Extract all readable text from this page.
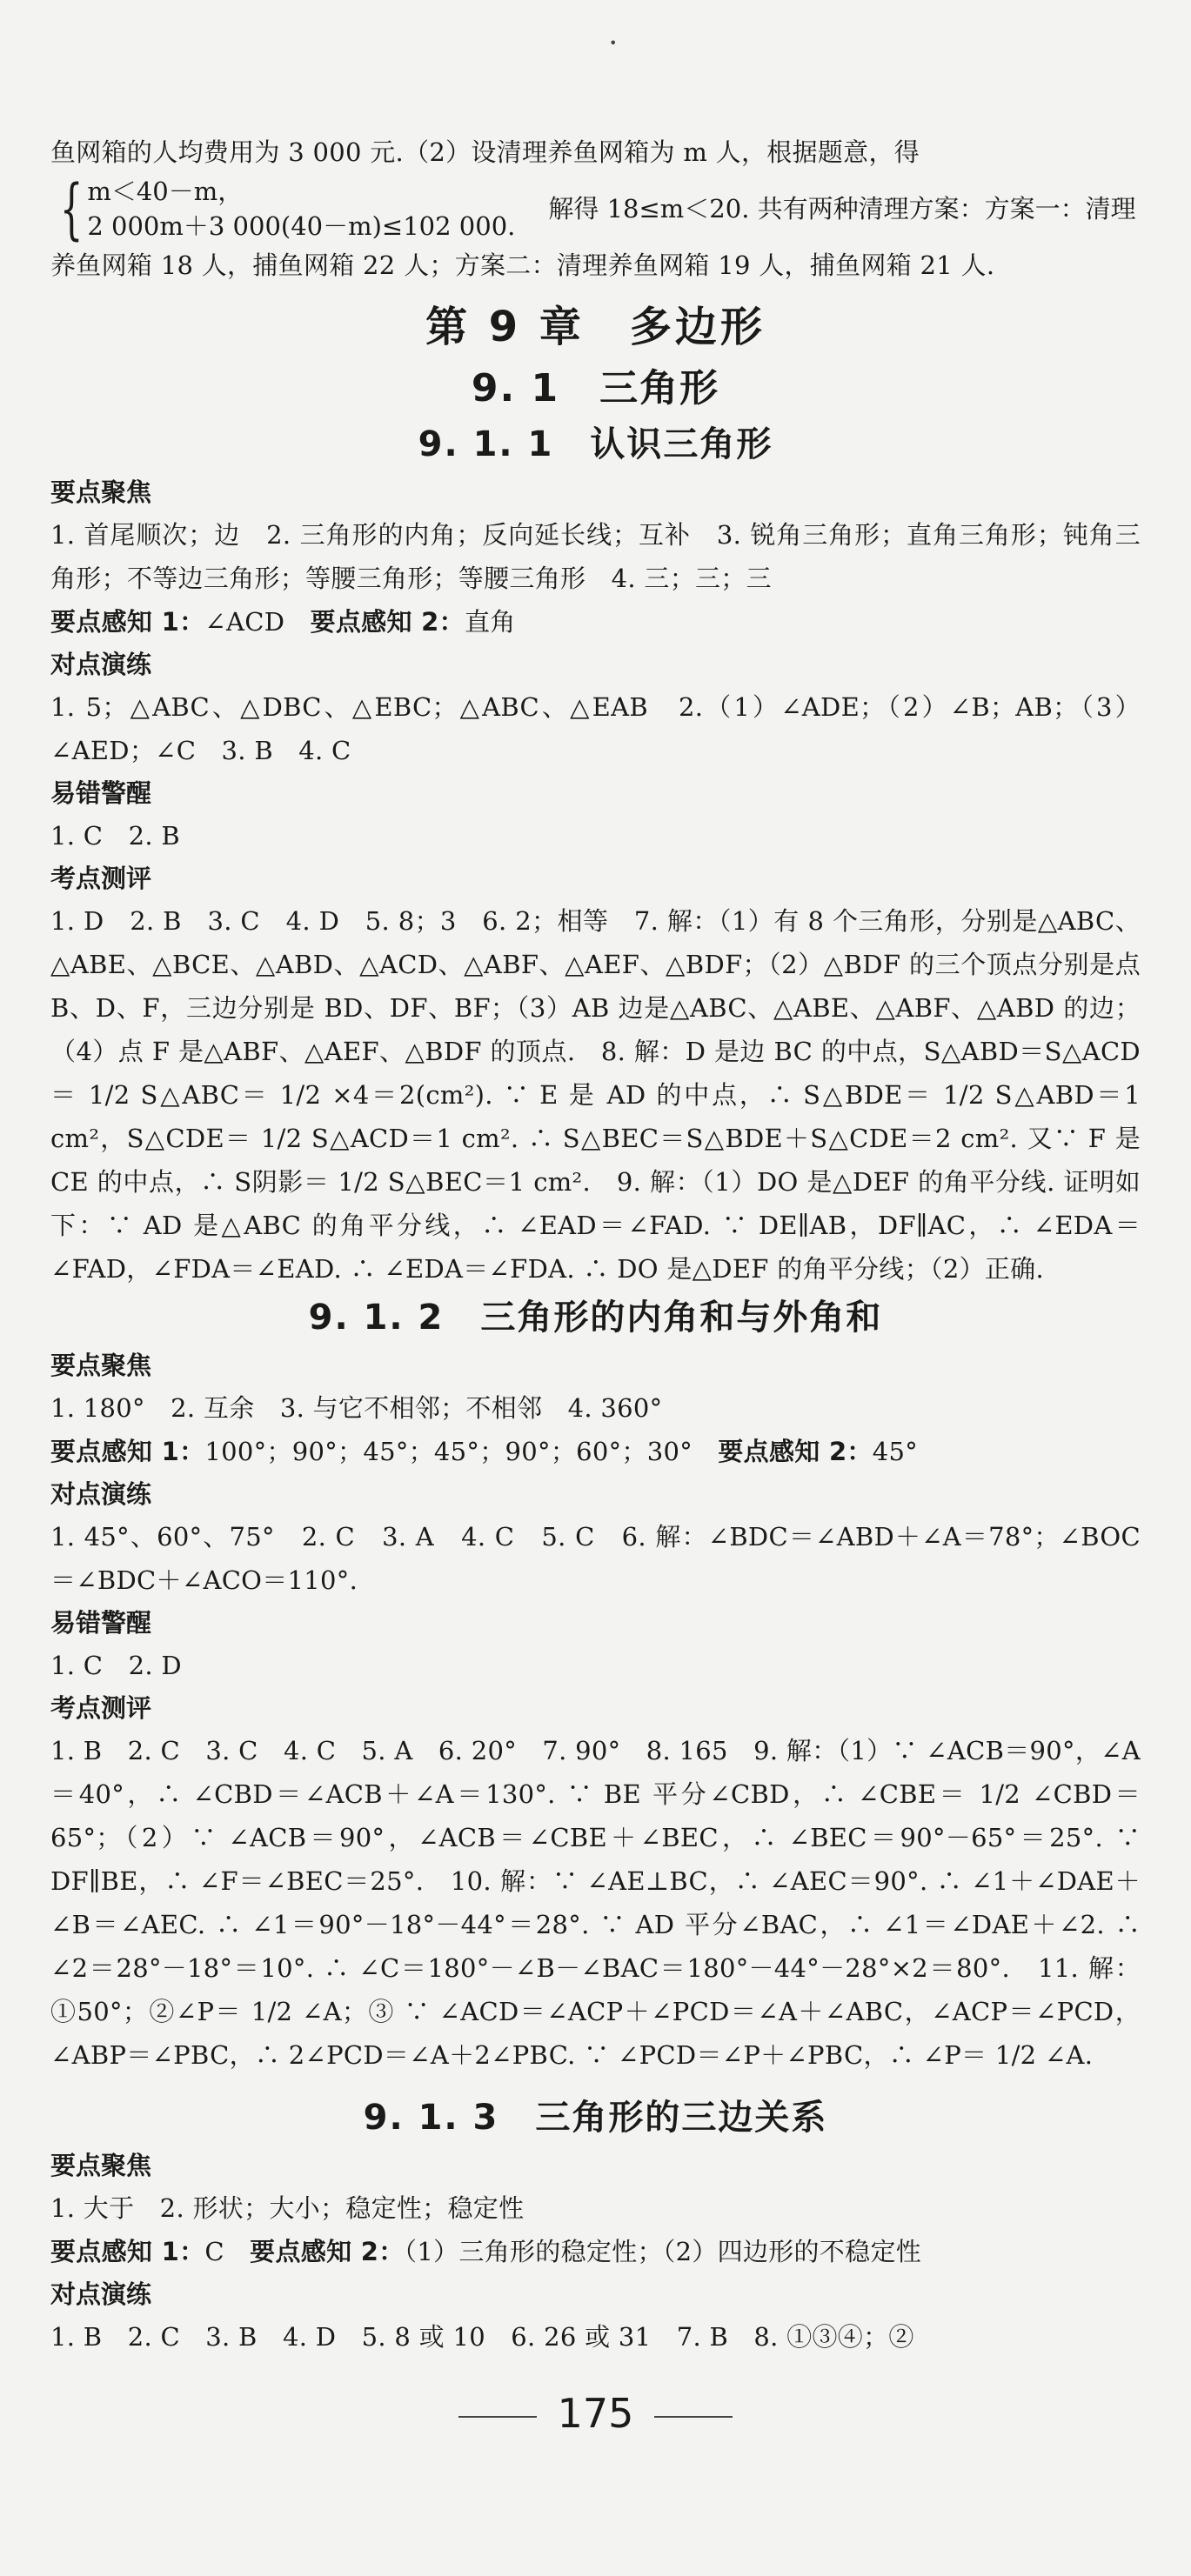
•

鱼网箱的人均费用为 3 000 元.（2）设清理养鱼网箱为 m 人，根据题意，得

{ m＜40－m，
2 000m＋3 000(40－m)≤102 000.
解得 18≤m＜20. 共有两种清理方案：方案一：清理

养鱼网箱 18 人，捕鱼网箱 22 人；方案二：清理养鱼网箱 19 人，捕鱼网箱 21 人.

第 9 章　多边形
9. 1　三角形
9. 1. 1　认识三角形
要点聚焦

1. 首尾顺次；边　2. 三角形的内角；反向延长线；互补　3. 锐角三角形；直角三角形；钝角三角形；不等边三角形；等腰三角形；等腰三角形　4. 三；三；三

要点感知 1：∠ACD　要点感知 2：直角

对点演练

1. 5；△ABC、△DBC、△EBC；△ABC、△EAB　2.（1）∠ADE；（2）∠B；AB；（3）∠AED；∠C　3. B　4. C

易错警醒

1. C　2. B

考点测评

1. D　2. B　3. C　4. D　5. 8；3　6. 2；相等　7. 解：（1）有 8 个三角形，分别是△ABC、△ABE、△BCE、△ABD、△ACD、△ABF、△AEF、△BDF；（2）△BDF 的三个顶点分别是点 B、D、F，三边分别是 BD、DF、BF；（3）AB 边是△ABC、△ABE、△ABF、△ABD 的边；（4）点 F 是△ABF、△AEF、△BDF 的顶点.　8. 解：D 是边 BC 的中点，S△ABD＝S△ACD＝ 1/2 S△ABC＝ 1/2 ×4＝2(cm²). ∵ E 是 AD 的中点，∴ S△BDE＝ 1/2 S△ABD＝1 cm²，S△CDE＝ 1/2 S△ACD＝1 cm². ∴ S△BEC＝S△BDE＋S△CDE＝2 cm². 又∵ F 是 CE 的中点，∴ S阴影＝ 1/2 S△BEC＝1 cm².　9. 解：（1）DO 是△DEF 的角平分线. 证明如下：∵ AD 是△ABC 的角平分线，∴ ∠EAD＝∠FAD. ∵ DE∥AB，DF∥AC，∴ ∠EDA＝∠FAD，∠FDA＝∠EAD. ∴ ∠EDA＝∠FDA. ∴ DO 是△DEF 的角平分线；（2）正确.

9. 1. 2　三角形的内角和与外角和
要点聚焦

1. 180°　2. 互余　3. 与它不相邻；不相邻　4. 360°

要点感知 1：100°；90°；45°；45°；90°；60°；30°　要点感知 2：45°

对点演练

1. 45°、60°、75°　2. C　3. A　4. C　5. C　6. 解：∠BDC＝∠ABD＋∠A＝78°；∠BOC＝∠BDC＋∠ACO＝110°.

易错警醒

1. C　2. D

考点测评

1. B　2. C　3. C　4. C　5. A　6. 20°　7. 90°　8. 165　9. 解：（1）∵ ∠ACB＝90°，∠A＝40°，∴ ∠CBD＝∠ACB＋∠A＝130°. ∵ BE 平分∠CBD，∴ ∠CBE＝ 1/2 ∠CBD＝65°；（2）∵ ∠ACB＝90°，∠ACB＝∠CBE＋∠BEC，∴ ∠BEC＝90°－65°＝25°. ∵ DF∥BE，∴ ∠F＝∠BEC＝25°.　10. 解：∵ ∠AE⊥BC，∴ ∠AEC＝90°. ∴ ∠1＋∠DAE＋∠B＝∠AEC. ∴ ∠1＝90°－18°－44°＝28°. ∵ AD 平分∠BAC，∴ ∠1＝∠DAE＋∠2. ∴ ∠2＝28°－18°＝10°. ∴ ∠C＝180°－∠B－∠BAC＝180°－44°－28°×2＝80°.　11. 解：①50°；②∠P＝ 1/2 ∠A；③ ∵ ∠ACD＝∠ACP＋∠PCD＝∠A＋∠ABC，∠ACP＝∠PCD，∠ABP＝∠PBC，∴ 2∠PCD＝∠A＋2∠PBC. ∵ ∠PCD＝∠P＋∠PBC，∴ ∠P＝ 1/2 ∠A.

9. 1. 3　三角形的三边关系
要点聚焦

1. 大于　2. 形状；大小；稳定性；稳定性

要点感知 1：C　要点感知 2：（1）三角形的稳定性；（2）四边形的不稳定性

对点演练

1. B　2. C　3. B　4. D　5. 8 或 10　6. 26 或 31　7. B　8. ①③④；②

175
